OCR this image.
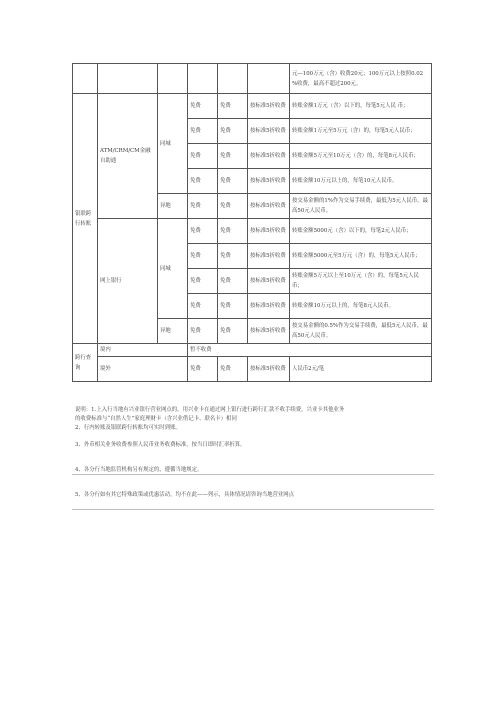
						元—100万元（含）收费20元；100万元以上按照0.02 %收费，最高不超过200元。
银联跨行转账	ATM/CRM/CM金融自助通	同城	免费	免费	按标准5折收费	转账金额1万元（含）以下的，每笔5元人民 币；
			免费	免费	按标准5折收费	转账金额1万元至5万元（含）的，每笔5元人民币；
			免费	免费	按标准5折收费	转账金额5万元至10万元（含）的，每笔8元人民币；
			免费	免费	按标准5折收费	转账金额10万元以上的，每笔10元人民币。
		异地	免费	免费	按标准5折收费	按交易金额的1%作为交易手续费，最低为5元人民币，最高50元人民币。
	网上银行	同城	免费	免费	按标准5折收费	转账金额5000元（含）以下的，每笔2元人民币；
			免费	免费	按标准5折收费	转账金额5000元至5万元（含）的，每笔5元人民币；
			免费	免费	按标准5折收费	转账金额5万元以上至10万元（含）的，每笔5元人民币；
			免费	免费	按标准5折收费	转账金额10万元以上的，每笔8元人民币。
		异地	免费	免费	按标准5折收费	按交易金额的0.5%作为交易手续费，最低5元人民币，最高50元人民币。
跨行查询	境内		暂不收费			
	境外		免费	免费	按标准5折收费	人民币2元/笔

说明：1.上入行当地有兴业银行营业网点的，用兴业卡在通过网上银行进行跨行汇款不收手续费，兴业卡其他业务

的收费标准与“自然人生”家庭理财卡（含兴业借记卡、联名卡）相同

2、行内转账及银联跨行转账均可实时到账。

3、外币相关业务收费参照人民币业务收费标准，按当日即时汇率折算。

4、各分行当地监管机构另有规定的，遵循当地规定。

5、各分行如有其它特殊政策或优惠活动，均不在此——列示，具体情况请咨询当地营业网点
